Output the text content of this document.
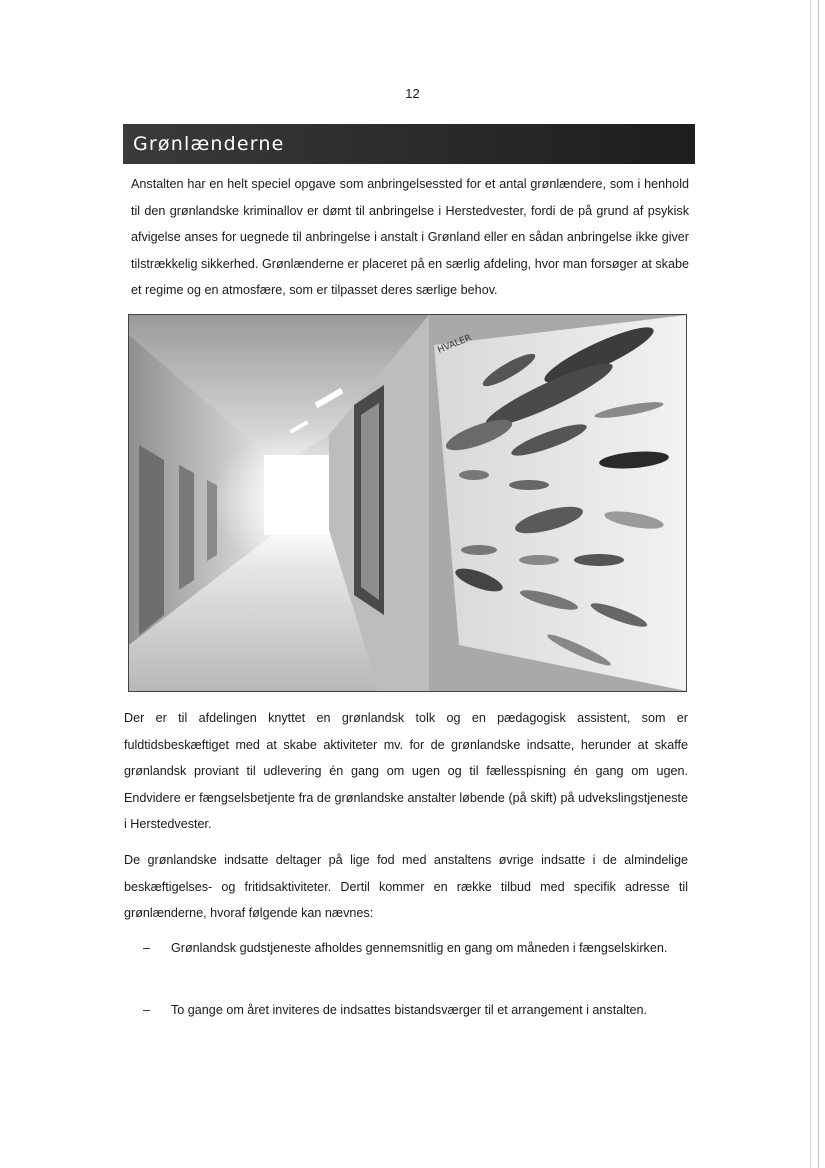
12
Grønlænderne

Anstalten har en helt speciel opgave som anbringelsessted for et antal grønlændere, som i henhold til den grønlandske kriminallov er dømt til anbringelse i Herstedvester, fordi de på grund af psykisk afvigelse anses for uegnede til anbringelse i anstalt i Grønland eller en sådan anbringelse ikke giver tilstrækkelig sikkerhed. Grønlænderne er placeret på en særlig afdeling, hvor man forsøger at skabe et regime og en atmosfære, som er tilpasset deres særlige behov.

HVALER

Der er til afdelingen knyttet en grønlandsk tolk og en pædagogisk assistent, som er fuldtidsbeskæftiget med at skabe aktiviteter mv. for de grønlandske indsatte, herunder at skaffe grønlandsk proviant til udlevering én gang om ugen og til fællesspisning én gang om ugen. Endvidere er fængselsbetjente fra de grønlandske anstalter løbende (på skift) på udvekslingstjeneste i Herstedvester.

De grønlandske indsatte deltager på lige fod med anstaltens øvrige indsatte i de almindelige beskæftigelses- og fritidsaktiviteter. Dertil kommer en række tilbud med specifik adresse til grønlænderne, hvoraf følgende kan nævnes:

– Grønlandsk gudstjeneste afholdes gennemsnitlig en gang om måneden i fængselskirken.
– To gange om året inviteres de indsattes bistandsværger til et arrangement i anstalten.
